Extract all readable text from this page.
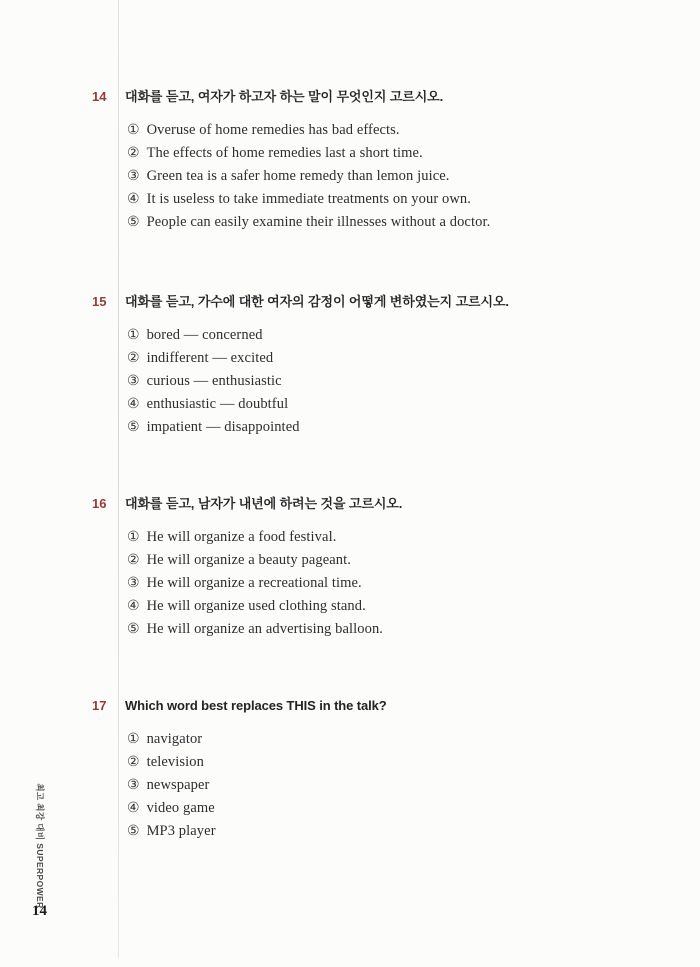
최고 최강 대비 SUPERPOWER
14
14	대화를 듣고, 여자가 하고자 하는 말이 무엇인지 고르시오.
① Overuse of home remedies has bad effects.
② The effects of home remedies last a short time.
③ Green tea is a safer home remedy than lemon juice.
④ It is useless to take immediate treatments on your own.
⑤ People can easily examine their illnesses without a doctor.
15	대화를 듣고, 가수에 대한 여자의 감정이 어떻게 변하였는지 고르시오.
① bored — concerned
② indifferent — excited
③ curious — enthusiastic
④ enthusiastic — doubtful
⑤ impatient — disappointed
16	대화를 듣고, 남자가 내년에 하려는 것을 고르시오.
① He will organize a food festival.
② He will organize a beauty pageant.
③ He will organize a recreational time.
④ He will organize used clothing stand.
⑤ He will organize an advertising balloon.
17	Which word best replaces THIS in the talk?
① navigator
② television
③ newspaper
④ video game
⑤ MP3 player
